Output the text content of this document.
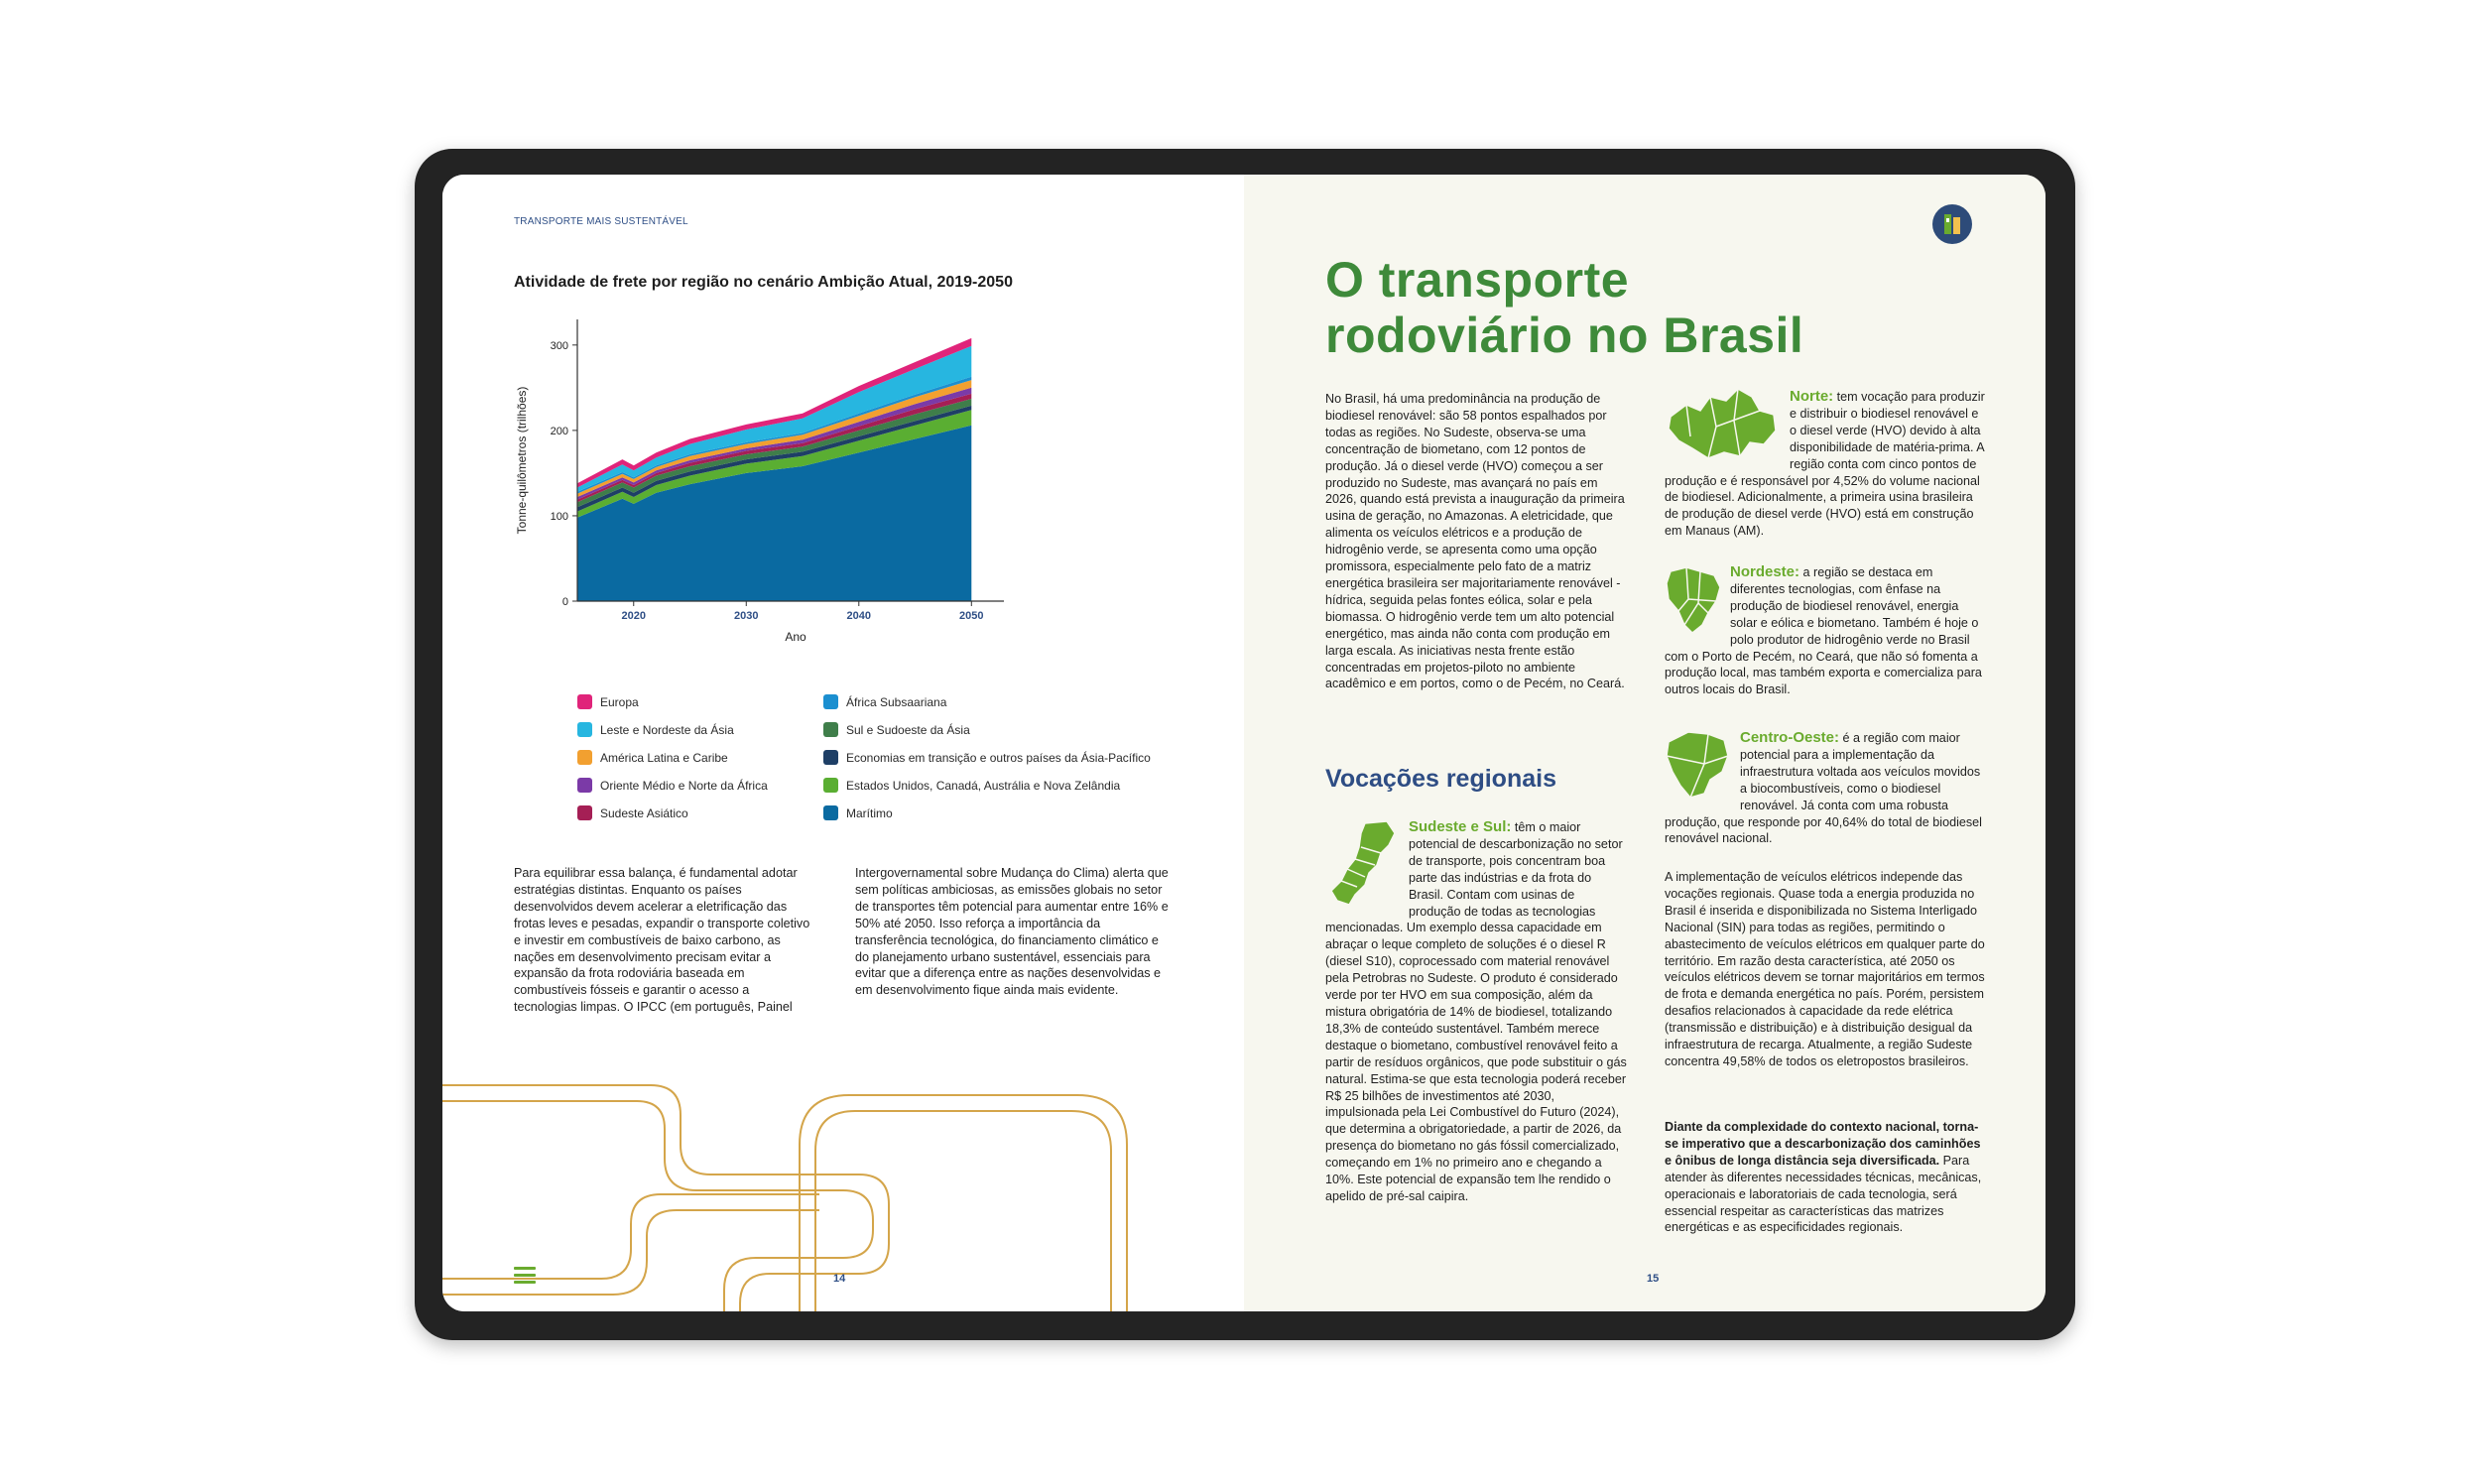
TRANSPORTE MAIS SUSTENTÁVEL
Atividade de frete por região no cenário Ambição Atual, 2019-2050
0
100
200
300
2020	2030	2040	2050
Ano
Tonne-quilômetros (trilhões)
Europa	África Subsaariana
Leste e Nordeste da Ásia	Sul e Sudoeste da Ásia
América Latina e Caribe	Economias em transição e outros países da Ásia-Pacífico
Oriente Médio e Norte da África	Estados Unidos, Canadá, Austrália e Nova Zelândia
Sudeste Asiático	Marítimo
Para equilibrar essa balança, é fundamental adotar estratégias distintas. Enquanto os países desenvolvidos devem acelerar a eletrificação das frotas leves e pesadas, expandir o transporte coletivo e investir em combustíveis de baixo carbono, as nações em desenvolvimento precisam evitar a expansão da frota rodoviária baseada em combustíveis fósseis e garantir o acesso a tecnologias limpas. O IPCC (em português, Painel
Intergovernamental sobre Mudança do Clima) alerta que sem políticas ambiciosas, as emissões globais no setor de transportes têm potencial para aumentar entre 16% e 50% até 2050. Isso reforça a importância da transferência tecnológica, do financiamento climático e do planejamento urbano sustentável, essenciais para evitar que a diferença entre as nações desenvolvidas e em desenvolvimento fique ainda mais evidente.
14
O transporte
rodoviário no Brasil
No Brasil, há uma predominância na produção de biodiesel renovável: são 58 pontos espalhados por todas as regiões. No Sudeste, observa-se uma concentração de biometano, com 12 pontos de produção. Já o diesel verde (HVO) começou a ser produzido no Sudeste, mas avançará no país em 2026, quando está prevista a inauguração da primeira usina de geração, no Amazonas. A eletricidade, que alimenta os veículos elétricos e a produção de hidrogênio verde, se apresenta como uma opção promissora, especialmente pelo fato de a matriz energética brasileira ser majoritariamente renovável - hídrica, seguida pelas fontes eólica, solar e pela biomassa. O hidrogênio verde tem um alto potencial energético, mas ainda não conta com produção em larga escala. As iniciativas nesta frente estão concentradas em projetos-piloto no ambiente acadêmico e em portos, como o de Pecém, no Ceará.
Vocações regionais
Sudeste e Sul: têm o maior potencial de descarbonização no setor de transporte, pois concentram boa parte das indústrias e da frota do Brasil. Contam com usinas de produção de todas as tecnologias mencionadas. Um exemplo dessa capacidade em abraçar o leque completo de soluções é o diesel R (diesel S10), coprocessado com material renovável pela Petrobras no Sudeste. O produto é considerado verde por ter HVO em sua composição, além da mistura obrigatória de 14% de biodiesel, totalizando 18,3% de conteúdo sustentável. Também merece destaque o biometano, combustível renovável feito a partir de resíduos orgânicos, que pode substituir o gás natural. Estima-se que esta tecnologia poderá receber R$ 25 bilhões de investimentos até 2030, impulsionada pela Lei Combustível do Futuro (2024), que determina a obrigatoriedade, a partir de 2026, da presença do biometano no gás fóssil comercializado, começando em 1% no primeiro ano e chegando a 10%. Este potencial de expansão tem lhe rendido o apelido de pré-sal caipira.
Norte: tem vocação para produzir e distribuir o biodiesel renovável e o diesel verde (HVO) devido à alta disponibilidade de matéria-prima. A região conta com cinco pontos de produção e é responsável por 4,52% do volume nacional de biodiesel. Adicionalmente, a primeira usina brasileira de produção de diesel verde (HVO) está em construção em Manaus (AM).
Nordeste: a região se destaca em diferentes tecnologias, com ênfase na produção de biodiesel renovável, energia solar e eólica e biometano. Também é hoje o polo produtor de hidrogênio verde no Brasil com o Porto de Pecém, no Ceará, que não só fomenta a produção local, mas também exporta e comercializa para outros locais do Brasil.
Centro-Oeste: é a região com maior potencial para a implementação da infraestrutura voltada aos veículos movidos a biocombustíveis, como o biodiesel renovável. Já conta com uma robusta produção, que responde por 40,64% do total de biodiesel renovável nacional.
A implementação de veículos elétricos independe das vocações regionais. Quase toda a energia produzida no Brasil é inserida e disponibilizada no Sistema Interligado Nacional (SIN) para todas as regiões, permitindo o abastecimento de veículos elétricos em qualquer parte do território. Em razão desta característica, até 2050 os veículos elétricos devem se tornar majoritários em termos de frota e demanda energética no país. Porém, persistem desafios relacionados à capacidade da rede elétrica (transmissão e distribuição) e à distribuição desigual da infraestrutura de recarga. Atualmente, a região Sudeste concentra 49,58% de todos os eletropostos brasileiros.
Diante da complexidade do contexto nacional, torna-se imperativo que a descarbonização dos caminhões e ônibus de longa distância seja diversificada. Para atender às diferentes necessidades técnicas, mecânicas, operacionais e laboratoriais de cada tecnologia, será essencial respeitar as características das matrizes energéticas e as especificidades regionais.
15
